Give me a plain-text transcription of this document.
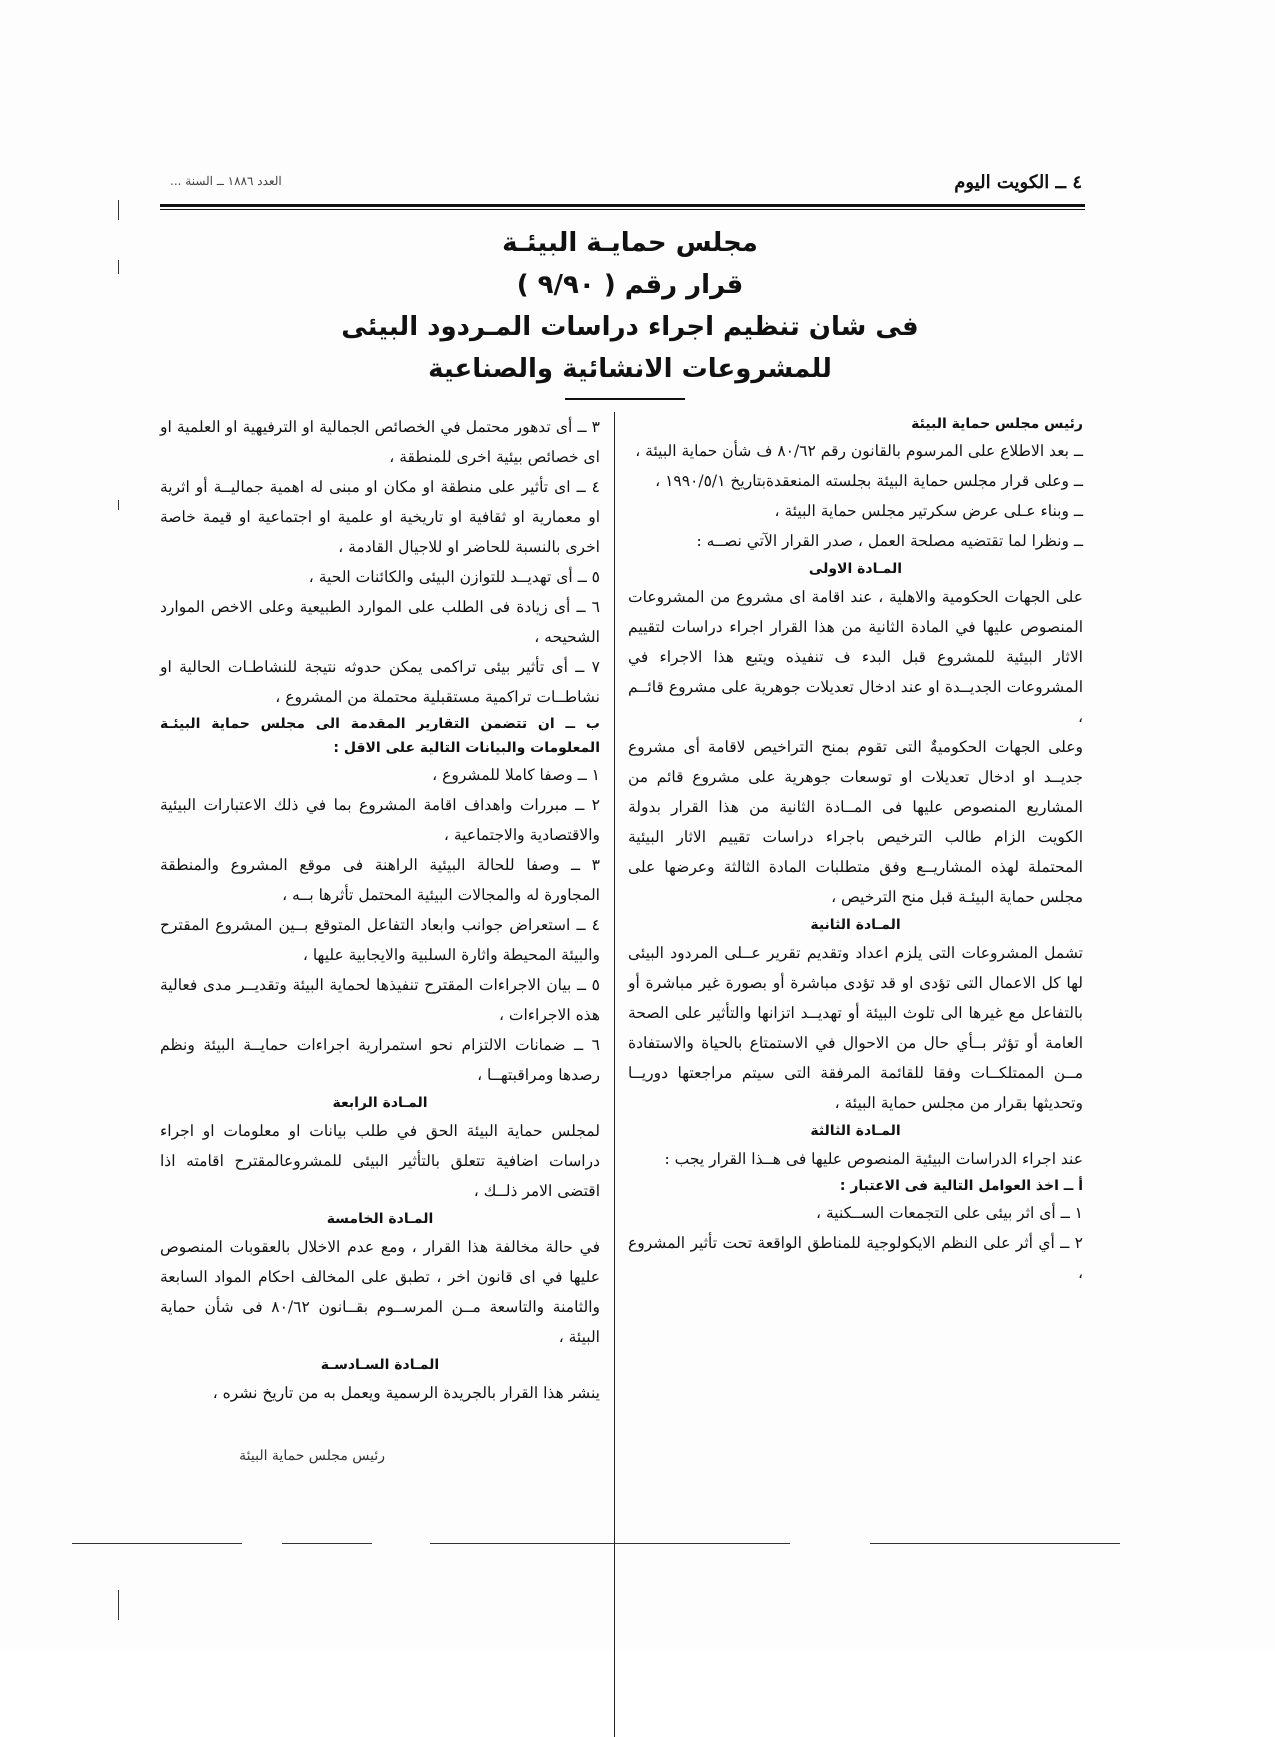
٤ ــ الكويت اليوم
العدد ١٨٨٦ ــ السنة ...

مجلس حمايـة البيئـة

قرار رقم ( ٩/٩٠ )

فى شان تنظيم اجراء دراسات المـردود البيئى

للمشروعات الانشائية والصناعية

رئيس مجلس حماية البيئة

ــ بعد الاطلاع على المرسوم بالقانون رقم ٨٠/٦٢ ف شأن حماية البيئة ،

ــ وعلى قرار مجلس حماية البيئة بجلسته المنعقدةبتاريخ ١٩٩٠/٥/١ ،

ــ وبناء عـلى عرض سكرتير مجلس حماية البيئة ،

ــ ونظرا لما تقتضيه مصلحة العمل ، صدر القرار الآتي نصــه :

المـادة الاولى

على الجهات الحكومية والاهلية ، عند اقامة اى مشروع من المشروعات المنصوص عليها في المادة الثانية من هذا القرار اجراء دراسات لتقييم الاثار البيئية للمشروع قبل البدء ف تنفيذه ويتبع هذا الاجراء في المشروعات الجديــدة او عند ادخال تعديلات جوهرية على مشروع قائــم ،

وعلى الجهات الحكوميةٌ التى تقوم بمنح التراخيص لاقامة أى مشروع جديــد او ادخال تعديلات او توسعات جوهرية على مشروع قائم من المشاريع المنصوص عليها فى المــادة الثانية من هذا القرار بدولة الكويت الزام طالب الترخيص باجراء دراسات تقييم الاثار البيئية المحتملة لهذه المشاريــع وفق متطلبات المادة الثالثة وعرضها على مجلس حماية البيئـة قبل منح الترخيص ،

المـادة الثانية

تشمل المشروعات التى يلزم اعداد وتقديم تقرير عــلى المردود البيئى لها كل الاعمال التى تؤدى او قد تؤدى مباشرة أو بصورة غير مباشرة أو بالتفاعل مع غيرها الى تلوث البيئة أو تهديــد اتزانها والتأثير على الصحة العامة أو تؤثر بــأي حال من الاحوال في الاستمتاع بالحياة والاستفادة مــن الممتلكــات وفقا للقائمة المرفقة التى سيتم مراجعتها دوريــا وتحديثها بقرار من مجلس حماية البيئة ،

المـادة الثالثة

عند اجراء الدراسات البيئية المنصوص عليها فى هــذا القرار يجب :

أ ــ اخذ العوامل التالية فى الاعتبار :

١ ــ أى اثر بيئى على التجمعات الســكنية ،

٢ ــ أي أثر على النظم الايكولوجية للمناطق الواقعة تحت تأثير المشروع ،

٣ ــ أى تدهور محتمل في الخصائص الجمالية او الترفيهية او العلمية او اى خصائص بيئية اخرى للمنطقة ،

٤ ــ اى تأثير على منطقة او مكان او مبنى له اهمية جماليــة أو اثرية او معمارية او ثقافية او تاريخية او علمية او اجتماعية او قيمة خاصة اخرى بالنسبة للحاضر او للاجيال القادمة ،

٥ ــ أى تهديــد للتوازن البيئى والكائنات الحية ،

٦ ــ أى زيادة فى الطلب على الموارد الطبيعية وعلى الاخص الموارد الشحيحه ،

٧ ــ أى تأثير بيئى تراكمى يمكن حدوثه نتيجة للنشاطـات الحالية او نشاطــات تراكمية مستقبلية محتملة من المشروع ،

ب ــ ان تتضمن التقارير المقدمة الى مجلس حماية البيئـة المعلومات والبيانات التالية على الاقل :

١ ــ وصفا كاملا للمشروع ،

٢ ــ مبررات واهداف اقامة المشروع بما في ذلك الاعتبارات البيئية والاقتصادية والاجتماعية ،

٣ ــ وصفا للحالة البيئية الراهنة فى موقع المشروع والمنطقة المجاورة له والمجالات البيئية المحتمل تأثرها بــه ،

٤ ــ استعراض جوانب وابعاد التفاعل المتوقع بــين المشروع المقترح والبيئة المحيطة واثارة السلبية والايجابية عليها ،

٥ ــ بيان الاجراءات المقترح تنفيذها لحماية البيئة وتقديــر مدى فعالية هذه الاجراءات ،

٦ ــ ضمانات الالتزام نحو استمرارية اجراءات حمايــة البيئة ونظم رصدها ومراقبتهــا ،

المـادة الرابعة

لمجلس حماية البيئة الحق في طلب بيانات او معلومات او اجراء دراسات اضافية تتعلق بالتأثير البيئى للمشروعالمقترح اقامته اذا اقتضى الامر ذلــك ،

المـادة الخامسة

في حالة مخالفة هذا القرار ، ومع عدم الاخلال بالعقوبات المنصوص عليها في اى قانون اخر ، تطبق على المخالف احكام المواد السابعة والثامنة والتاسعة مــن المرســوم بقــانون ٨٠/٦٢ فى شأن حماية البيئة ،

المـادة السـادسـة

ينشر هذا القرار بالجريدة الرسمية ويعمل به من تاريخ نشره ،

رئيس مجلس حماية البيئة
